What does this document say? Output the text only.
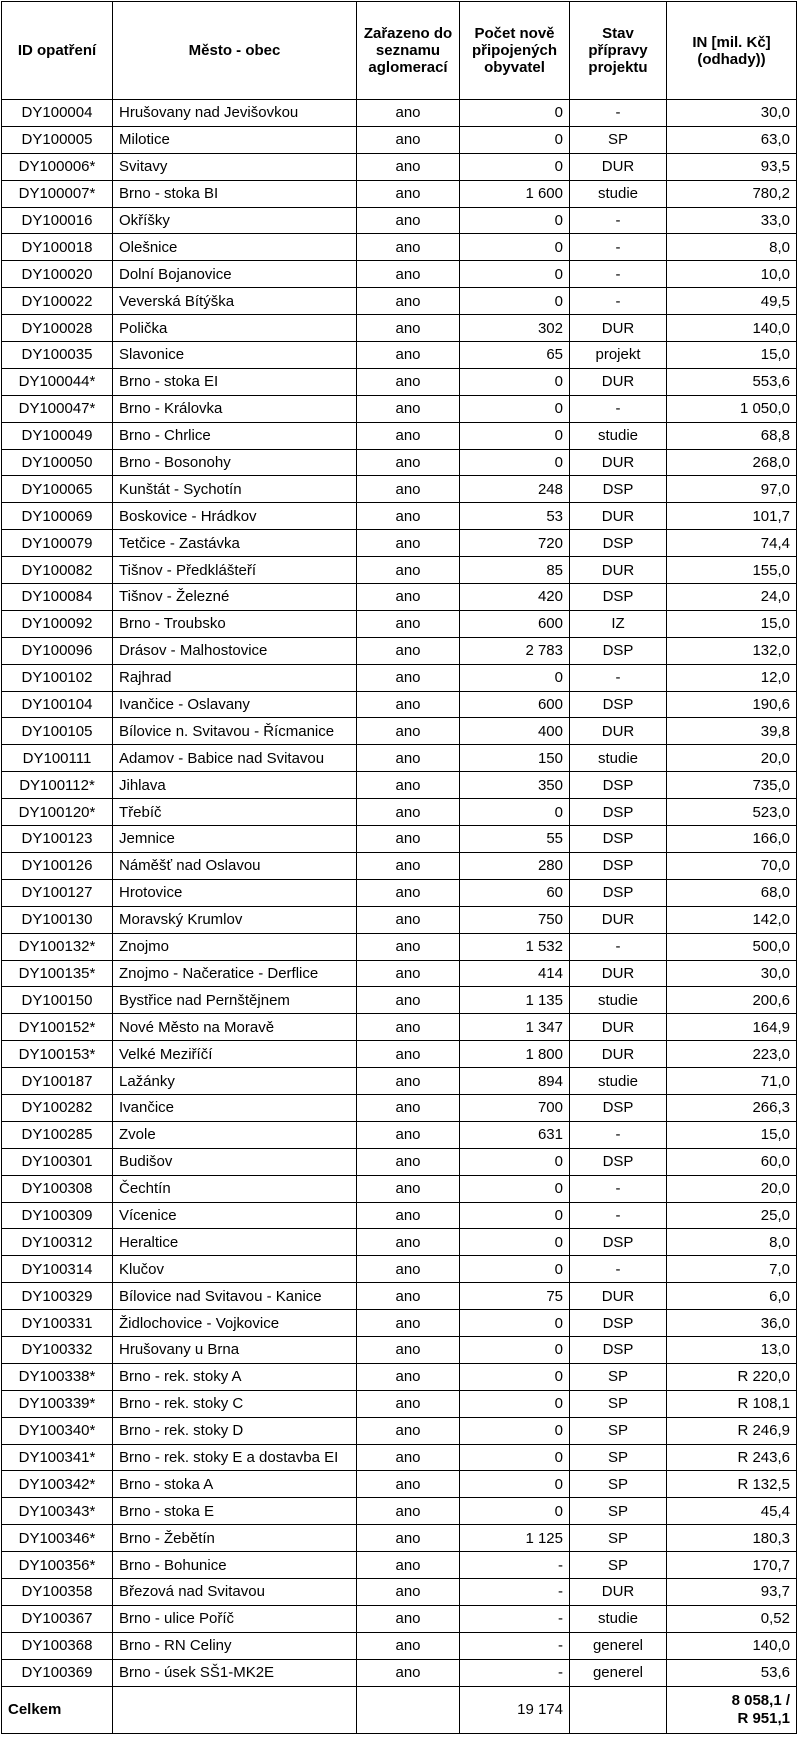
ID opatření	Město - obec	Zařazeno do seznamu aglomerací	Počet nově připojených obyvatel	Stav přípravy projektu	IN [mil. Kč] (odhady))
DY100004	Hrušovany nad Jevišovkou	ano	0	-	30,0
DY100005	Milotice	ano	0	SP	63,0
DY100006*	Svitavy	ano	0	DUR	93,5
DY100007*	Brno - stoka BI	ano	1 600	studie	780,2
DY100016	Okříšky	ano	0	-	33,0
DY100018	Olešnice	ano	0	-	8,0
DY100020	Dolní Bojanovice	ano	0	-	10,0
DY100022	Veverská Bítýška	ano	0	-	49,5
DY100028	Polička	ano	302	DUR	140,0
DY100035	Slavonice	ano	65	projekt	15,0
DY100044*	Brno - stoka EI	ano	0	DUR	553,6
DY100047*	Brno - Královka	ano	0	-	1 050,0
DY100049	Brno - Chrlice	ano	0	studie	68,8
DY100050	Brno - Bosonohy	ano	0	DUR	268,0
DY100065	Kunštát - Sychotín	ano	248	DSP	97,0
DY100069	Boskovice - Hrádkov	ano	53	DUR	101,7
DY100079	Tetčice - Zastávka	ano	720	DSP	74,4
DY100082	Tišnov - Předklášteří	ano	85	DUR	155,0
DY100084	Tišnov - Železné	ano	420	DSP	24,0
DY100092	Brno - Troubsko	ano	600	IZ	15,0
DY100096	Drásov - Malhostovice	ano	2 783	DSP	132,0
DY100102	Rajhrad	ano	0	-	12,0
DY100104	Ivančice - Oslavany	ano	600	DSP	190,6
DY100105	Bílovice n. Svitavou - Řícmanice	ano	400	DUR	39,8
DY100111	Adamov - Babice nad Svitavou	ano	150	studie	20,0
DY100112*	Jihlava	ano	350	DSP	735,0
DY100120*	Třebíč	ano	0	DSP	523,0
DY100123	Jemnice	ano	55	DSP	166,0
DY100126	Náměšť nad Oslavou	ano	280	DSP	70,0
DY100127	Hrotovice	ano	60	DSP	68,0
DY100130	Moravský Krumlov	ano	750	DUR	142,0
DY100132*	Znojmo	ano	1 532	-	500,0
DY100135*	Znojmo - Načeratice - Derflice	ano	414	DUR	30,0
DY100150	Bystřice nad Pernštějnem	ano	1 135	studie	200,6
DY100152*	Nové Město na Moravě	ano	1 347	DUR	164,9
DY100153*	Velké Meziříčí	ano	1 800	DUR	223,0
DY100187	Lažánky	ano	894	studie	71,0
DY100282	Ivančice	ano	700	DSP	266,3
DY100285	Zvole	ano	631	-	15,0
DY100301	Budišov	ano	0	DSP	60,0
DY100308	Čechtín	ano	0	-	20,0
DY100309	Vícenice	ano	0	-	25,0
DY100312	Heraltice	ano	0	DSP	8,0
DY100314	Klučov	ano	0	-	7,0
DY100329	Bílovice nad Svitavou - Kanice	ano	75	DUR	6,0
DY100331	Židlochovice - Vojkovice	ano	0	DSP	36,0
DY100332	Hrušovany u Brna	ano	0	DSP	13,0
DY100338*	Brno - rek. stoky A	ano	0	SP	R 220,0
DY100339*	Brno - rek. stoky C	ano	0	SP	R 108,1
DY100340*	Brno - rek. stoky D	ano	0	SP	R 246,9
DY100341*	Brno - rek. stoky E a dostavba EI	ano	0	SP	R 243,6
DY100342*	Brno - stoka A	ano	0	SP	R 132,5
DY100343*	Brno - stoka E	ano	0	SP	45,4
DY100346*	Brno - Žebětín	ano	1 125	SP	180,3
DY100356*	Brno - Bohunice	ano	-	SP	170,7
DY100358	Březová nad Svitavou	ano	-	DUR	93,7
DY100367	Brno - ulice Poříč	ano	-	studie	0,52
DY100368	Brno - RN Celiny	ano	-	generel	140,0
DY100369	Brno - úsek SŠ1-MK2E	ano	-	generel	53,6
Celkem			19 174		8 058,1 /
R 951,1
